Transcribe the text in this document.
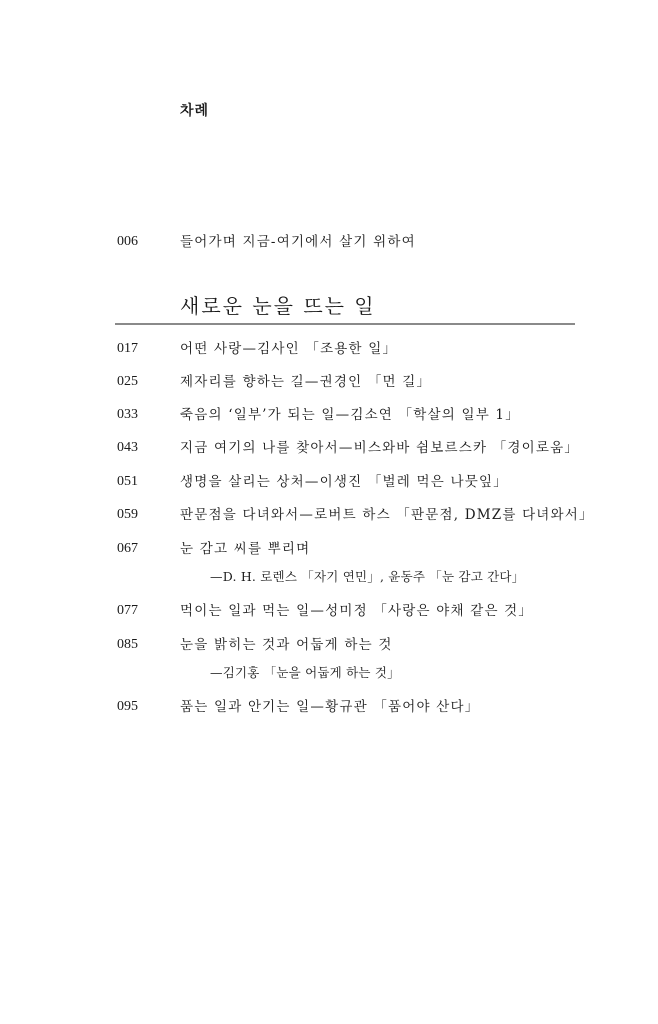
차례
006	들어가며 지금-여기에서 살기 위하여
새로운 눈을 뜨는 일
017	어떤 사랑—김사인 「조용한 일」
025	제자리를 향하는 길—권경인 「먼 길」
033	죽음의 ‘일부’가 되는 일—김소연 「학살의 일부 1」
043	지금 여기의 나를 찾아서—비스와바 쉼보르스카 「경이로움」
051	생명을 살리는 상처—이생진 「벌레 먹은 나뭇잎」
059	판문점을 다녀와서—로버트 하스 「판문점, DMZ를 다녀와서」
067	눈 감고 씨를 뿌리며
—D. H. 로렌스 「자기 연민」, 윤동주 「눈 감고 간다」
077	먹이는 일과 먹는 일—성미정 「사랑은 야채 같은 것」
085	눈을 밝히는 것과 어둡게 하는 것
—김기홍 「눈을 어둡게 하는 것」
095	품는 일과 안기는 일—황규관 「품어야 산다」
